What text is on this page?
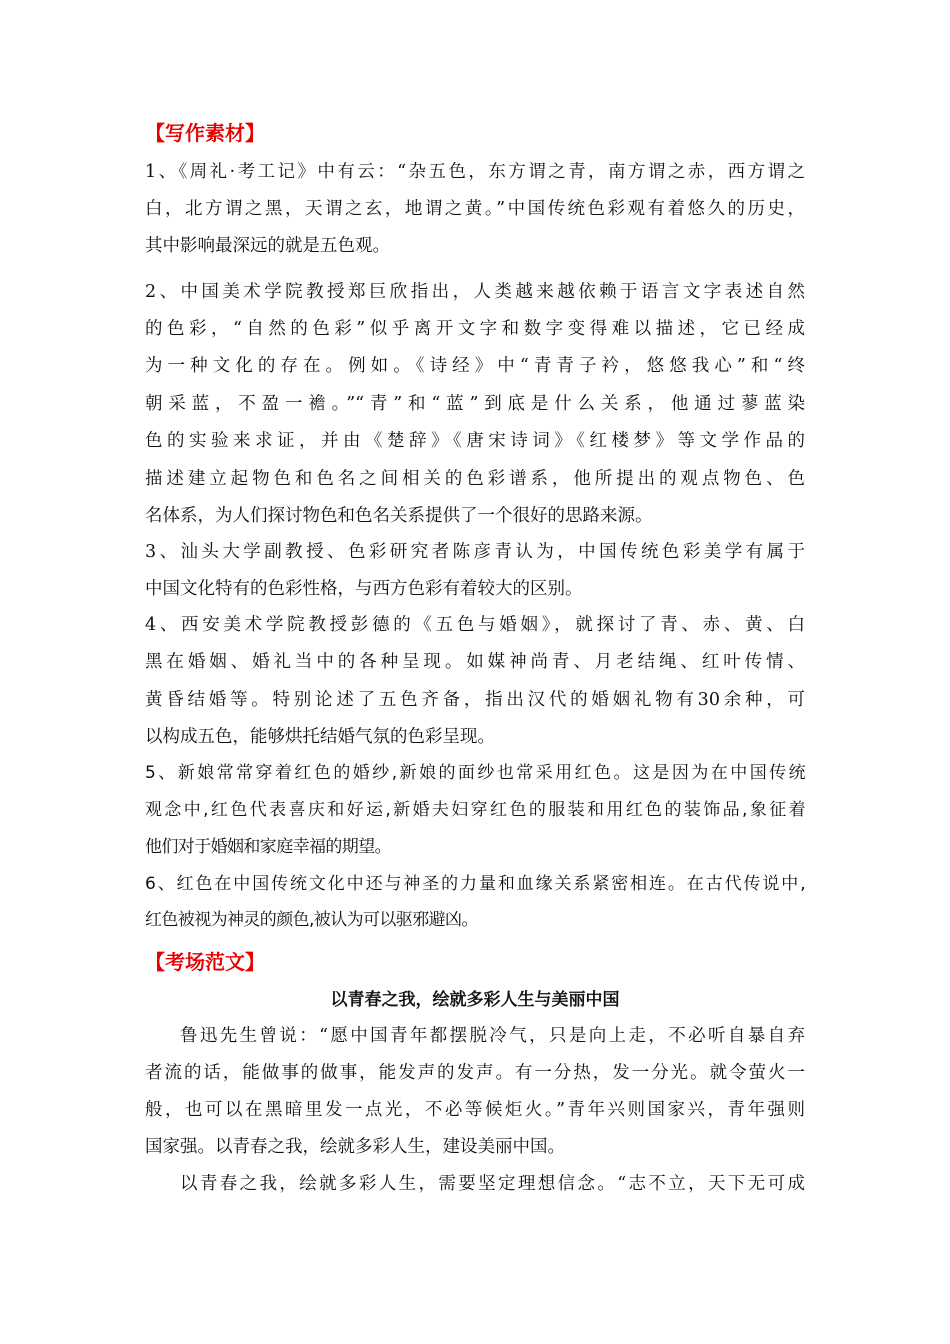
【写作素材】
1、《周礼·考工记》中有云：“杂五色，东方谓之青，南方谓之赤，西方谓之
白，北方谓之黑，天谓之玄，地谓之黄。”中国传统色彩观有着悠久的历史，
其中影响最深远的就是五色观。
2、中国美术学院教授郑巨欣指出，人类越来越依赖于语言文字表述自然
的色彩，“自然的色彩”似乎离开文字和数字变得难以描述，它已经成
为一种文化的存在。例如。《诗经》中“青青子衿，悠悠我心”和“终
朝采蓝，不盈一襜。”“青”和“蓝”到底是什么关系，他通过蓼蓝染
色的实验来求证，并由《楚辞》《唐宋诗词》《红楼梦》等文学作品的
描述建立起物色和色名之间相关的色彩谱系，他所提出的观点物色、色
名体系，为人们探讨物色和色名关系提供了一个很好的思路来源。
3、汕头大学副教授、色彩研究者陈彦青认为，中国传统色彩美学有属于
中国文化特有的色彩性格，与西方色彩有着较大的区别。
4、西安美术学院教授彭德的《五色与婚姻》，就探讨了青、赤、黄、白
黑在婚姻、婚礼当中的各种呈现。如媒神尚青、月老结绳、红叶传情、
黄昏结婚等。特别论述了五色齐备，指出汉代的婚姻礼物有30余种，可
以构成五色，能够烘托结婚气氛的色彩呈现。
5、新娘常常穿着红色的婚纱,新娘的面纱也常采用红色。这是因为在中国传统
观念中,红色代表喜庆和好运,新婚夫妇穿红色的服装和用红色的装饰品,象征着
他们对于婚姻和家庭幸福的期望。
6、红色在中国传统文化中还与神圣的力量和血缘关系紧密相连。在古代传说中,
红色被视为神灵的颜色,被认为可以驱邪避凶。
【考场范文】
以青春之我，绘就多彩人生与美丽中国
鲁迅先生曾说：“愿中国青年都摆脱冷气，只是向上走，不必听自暴自弃
者流的话，能做事的做事，能发声的发声。有一分热，发一分光。就令萤火一
般，也可以在黑暗里发一点光，不必等候炬火。”青年兴则国家兴，青年强则
国家强。以青春之我，绘就多彩人生，建设美丽中国。
以青春之我，绘就多彩人生，需要坚定理想信念。“志不立，天下无可成
